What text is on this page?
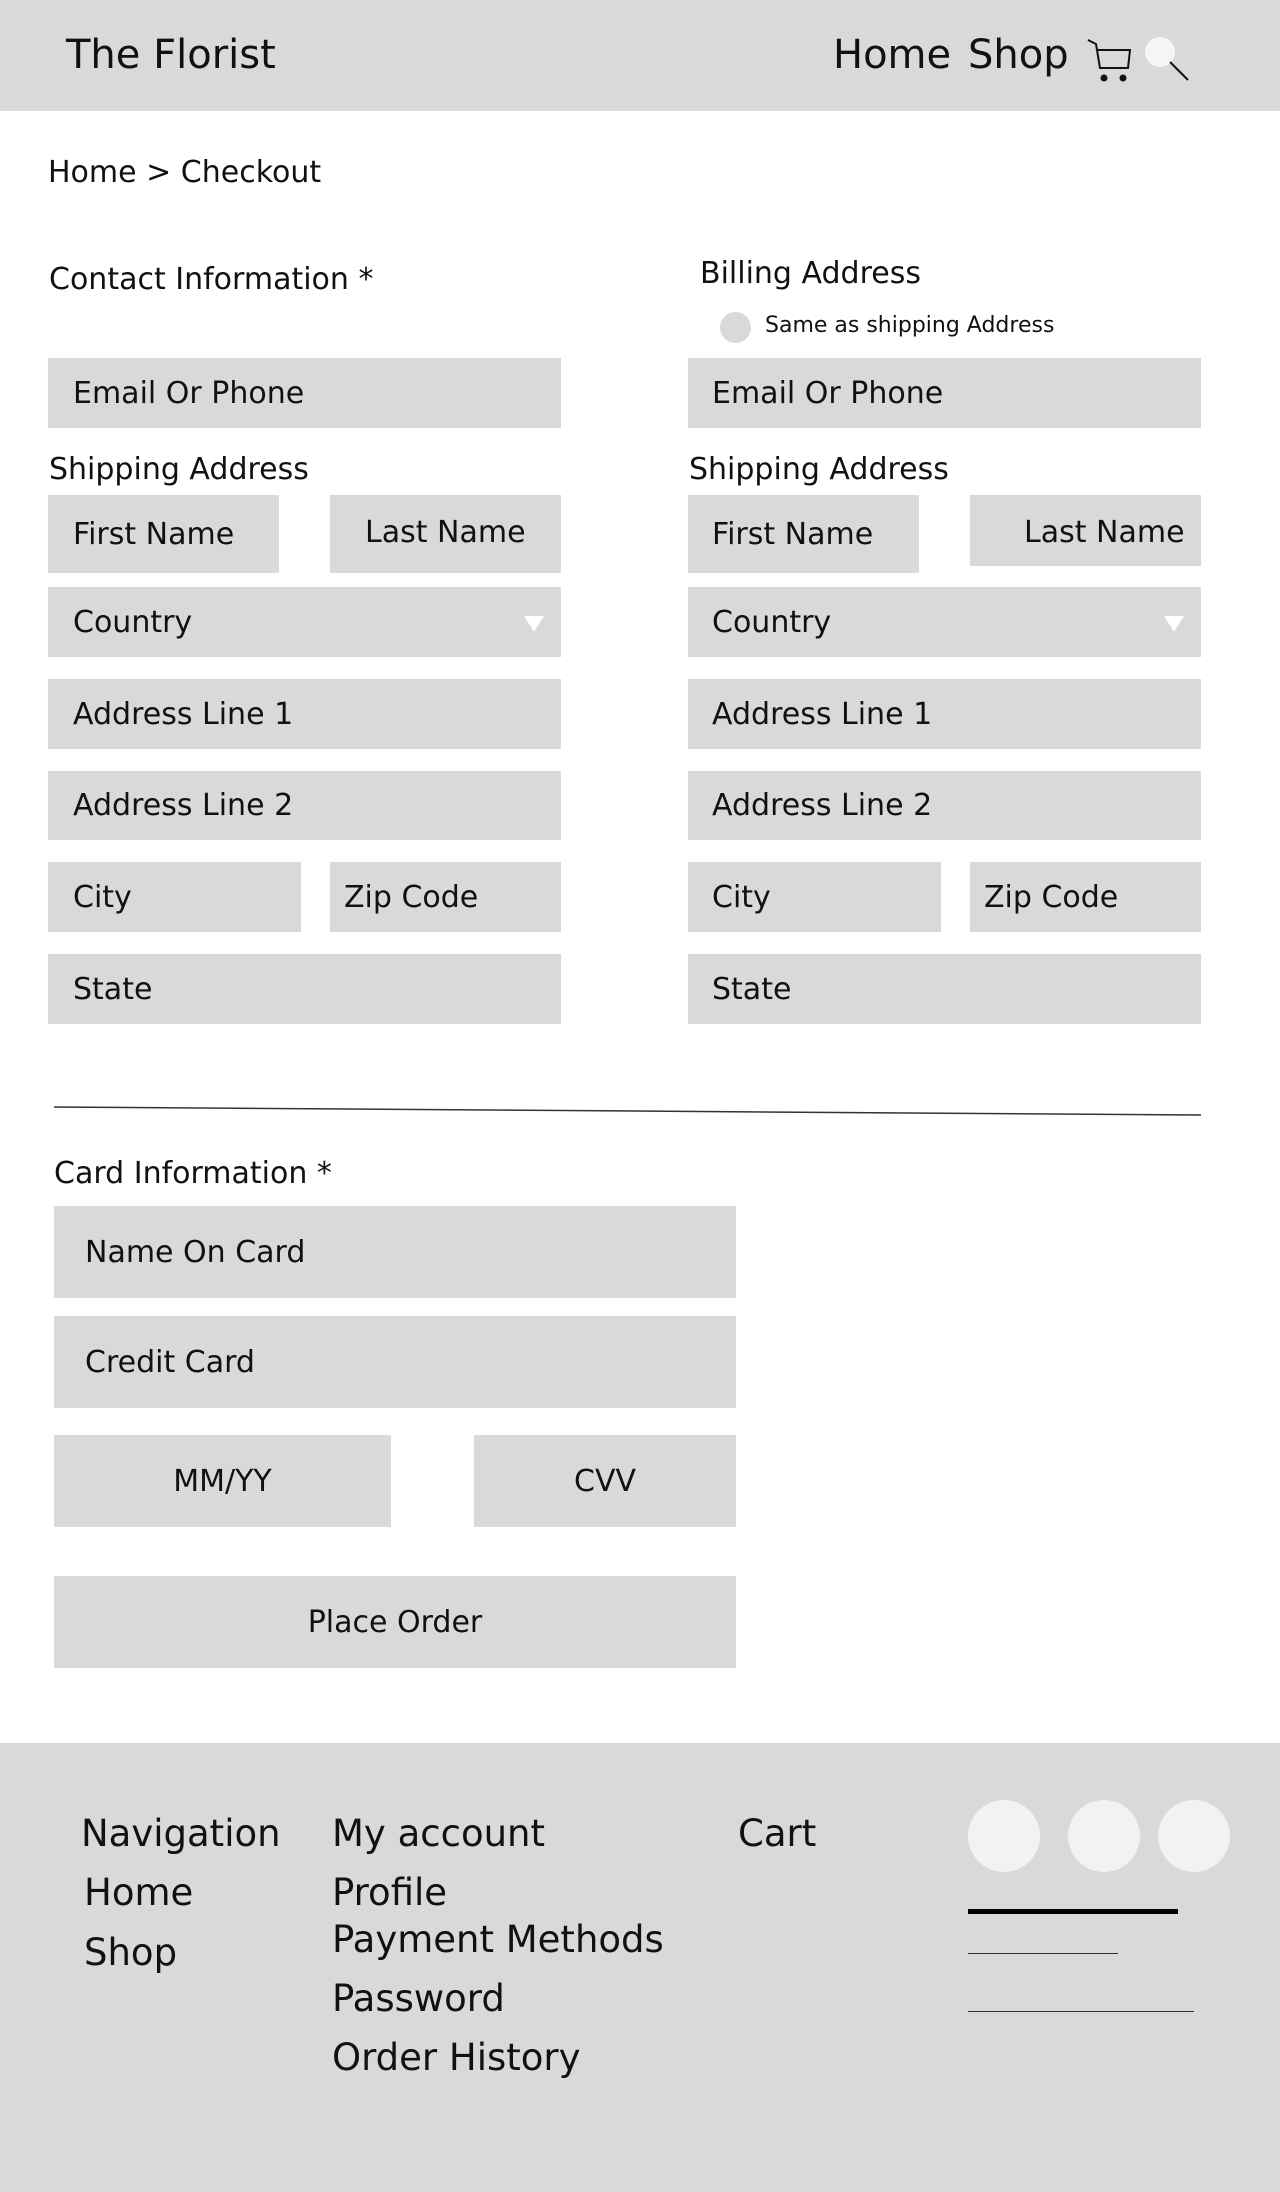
The Florist	Home Shop
Home > Checkout
Contact Information *
Email Or Phone
Shipping Address
First Name	Last Name
Country
Address Line 1
Address Line 2
City	Zip Code
State
Billing Address
Same as shipping Address
Email Or Phone
Shipping Address
First Name	Last Name
Country
Address Line 1
Address Line 2
City	Zip Code
State
Card Information *
Name On Card
Credit Card
MM/YY	CVV
Place Order
Navigation
Home
Shop
My account
Profile
Payment Methods
Password
Order History
Cart
